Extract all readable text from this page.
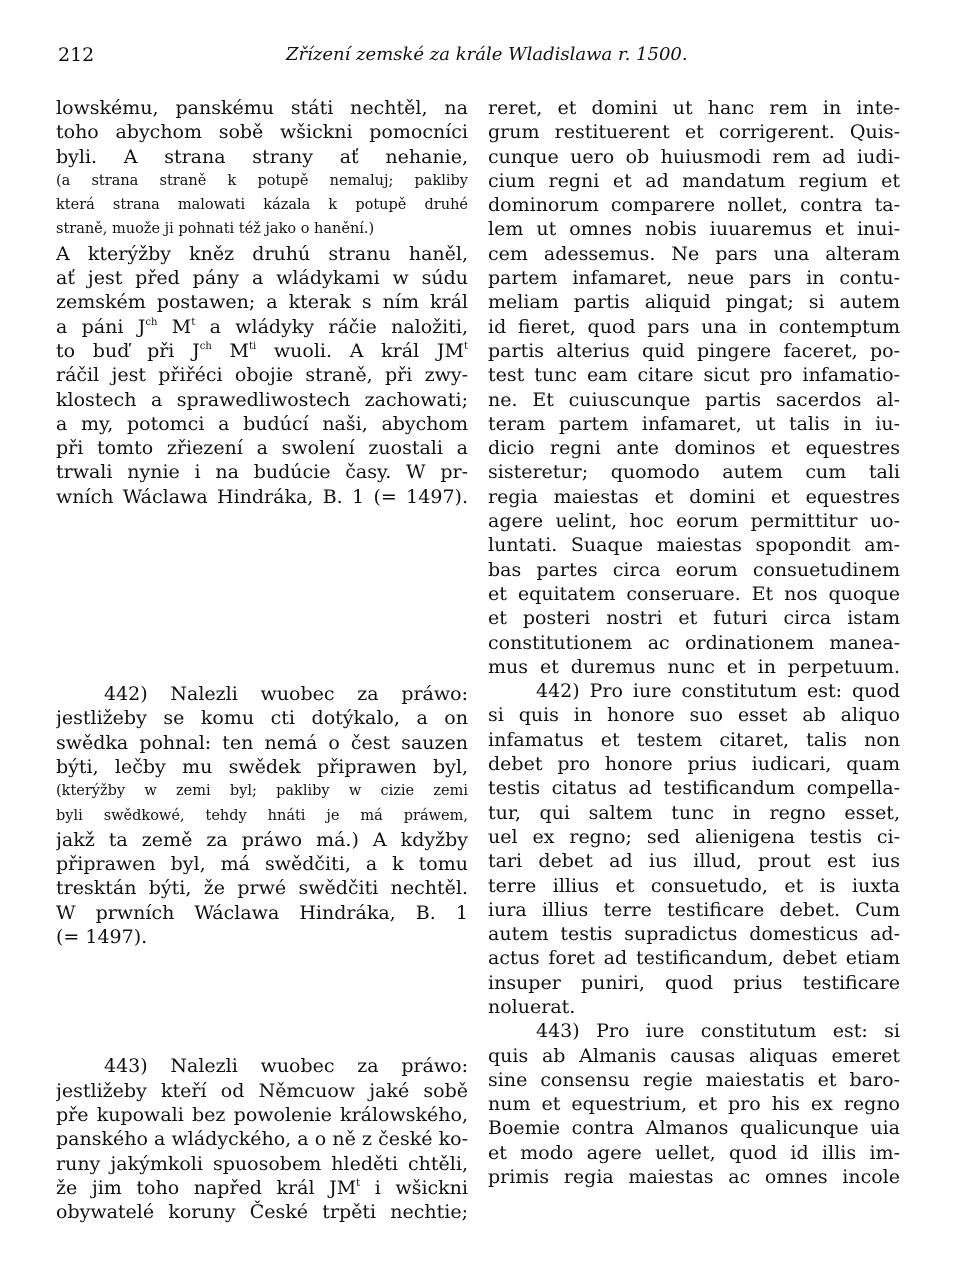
212	Zřízení zemské za krále Wladislawa r. 1500.
lowskému, panskému státi nechtěl, na
toho abychom sobě wšickni pomocníci
byli. A strana strany ať nehanie,
(a strana straně k potupě nemaluj; pakliby
která strana malowati kázala k potupě druhé
straně, muože ji pohnati též jako o hanění.)
A kterýžby kněz druhú stranu haněl,
ať jest před pány a wládykami w súdu
zemském postawen; a kterak s ním král
a páni $J^{ch}$ $M^t$ a wládyky ráčie naložiti,
to buď při $J^{ch}$ $M^{ti}$ wuoli. A král $JM^t$
ráčil jest přiřéci obojie straně, při zwy-
klostech a sprawedliwostech zachowati;
a my, potomci a budúcí naši, abychom
při tomto zřiezení a swolení zuostali a
trwali nynie i na budúcie časy. W pr-
wních Wáclawa Hindráka, B. 1 (= 1497).
442) Nalezli wuobec za práwo:
jestližeby se komu cti dotýkalo, a on
swědka pohnal: ten nemá o čest sauzen
býti, lečby mu swědek připrawen byl,
(kterýžby w zemi byl; pakliby w cizie zemi
byli swědkowé, tehdy hnáti je má práwem,
jakž ta země za práwo má.) A kdyžby
připrawen byl, má swědčiti, a k tomu
tresktán býti, že prwé swědčiti nechtěl.
W prwních Wáclawa Hindráka, B. 1
(= 1497).
443) Nalezli wuobec za práwo:
jestližeby kteří od Němcuow jaké sobě
pře kupowali bez powolenie králowského,
panského a wládyckého, a o ně z české ko-
runy jakýmkoli spuosobem hleděti chtěli,
že jim toho napřed král $JM^t$ i wšickni
obywatelé koruny České trpěti nechtie;
reret, et domini ut hanc rem in inte-
grum restituerent et corrigerent. Quis-
cunque uero ob huiusmodi rem ad iudi-
cium regni et ad mandatum regium et
dominorum comparere nollet, contra ta-
lem ut omnes nobis iuuaremus et inui-
cem adessemus. Ne pars una alteram
partem infamaret, neue pars in contu-
meliam partis aliquid pingat; si autem
id fieret, quod pars una in contemptum
partis alterius quid pingere faceret, po-
test tunc eam citare sicut pro infamatio-
ne. Et cuiuscunque partis sacerdos al-
teram partem infamaret, ut talis in iu-
dicio regni ante dominos et equestres
sisteretur; quomodo autem cum tali
regia maiestas et domini et equestres
agere uelint, hoc eorum permittitur uo-
luntati. Suaque maiestas spopondit am-
bas partes circa eorum consuetudinem
et equitatem conseruare. Et nos quoque
et posteri nostri et futuri circa istam
constitutionem ac ordinationem manea-
mus et duremus nunc et in perpetuum.
442) Pro iure constitutum est: quod
si quis in honore suo esset ab aliquo
infamatus et testem citaret, talis non
debet pro honore prius iudicari, quam
testis citatus ad testificandum compella-
tur, qui saltem tunc in regno esset,
uel ex regno; sed alienigena testis ci-
tari debet ad ius illud, prout est ius
terre illius et consuetudo, et is iuxta
iura illius terre testificare debet. Cum
autem testis supradictus domesticus ad-
actus foret ad testificandum, debet etiam
insuper puniri, quod prius testificare
noluerat.
443) Pro iure constitutum est: si
quis ab Almanis causas aliquas emeret
sine consensu regie maiestatis et baro-
num et equestrium, et pro his ex regno
Boemie contra Almanos qualicunque uia
et modo agere uellet, quod id illis im-
primis regia maiestas ac omnes incole
